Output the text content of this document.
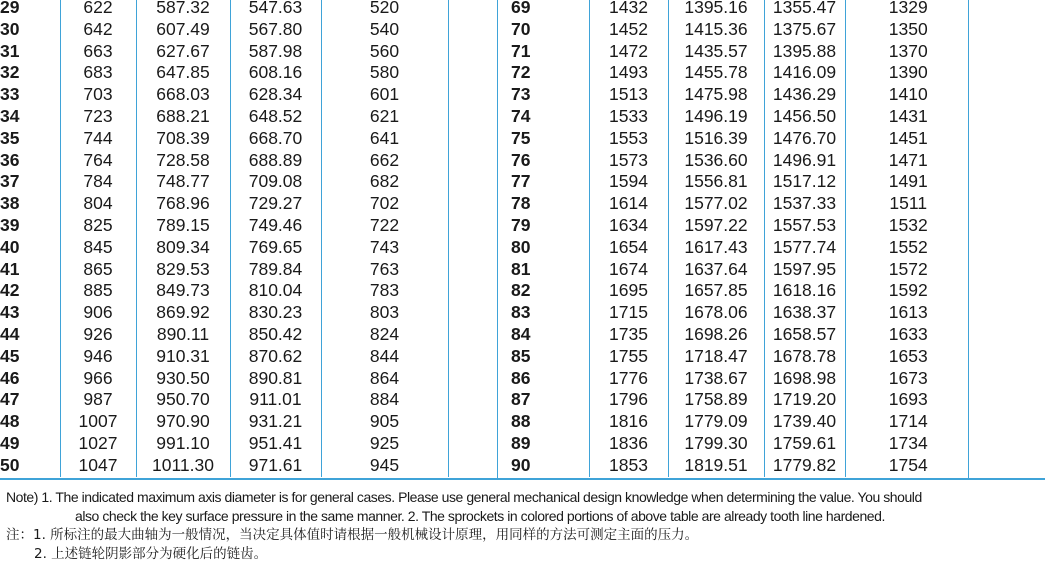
29	622	587.32	547.63	520	
30	642	607.49	567.80	540	
31	663	627.67	587.98	560	
32	683	647.85	608.16	580	
33	703	668.03	628.34	601	
34	723	688.21	648.52	621	
35	744	708.39	668.70	641	
36	764	728.58	688.89	662	
37	784	748.77	709.08	682	
38	804	768.96	729.27	702	
39	825	789.15	749.46	722	
40	845	809.34	769.65	743	
41	865	829.53	789.84	763	
42	885	849.73	810.04	783	
43	906	869.92	830.23	803	
44	926	890.11	850.42	824	
45	946	910.31	870.62	844	
46	966	930.50	890.81	864	
47	987	950.70	911.01	884	
48	1007	970.90	931.21	905	
49	1027	991.10	951.41	925	
50	1047	1011.30	971.61	945	
69	1432	1395.16	1355.47	1329
70	1452	1415.36	1375.67	1350
71	1472	1435.57	1395.88	1370
72	1493	1455.78	1416.09	1390
73	1513	1475.98	1436.29	1410
74	1533	1496.19	1456.50	1431
75	1553	1516.39	1476.70	1451
76	1573	1536.60	1496.91	1471
77	1594	1556.81	1517.12	1491
78	1614	1577.02	1537.33	1511
79	1634	1597.22	1557.53	1532
80	1654	1617.43	1577.74	1552
81	1674	1637.64	1597.95	1572
82	1695	1657.85	1618.16	1592
83	1715	1678.06	1638.37	1613
84	1735	1698.26	1658.57	1633
85	1755	1718.47	1678.78	1653
86	1776	1738.67	1698.98	1673
87	1796	1758.89	1719.20	1693
88	1816	1779.09	1739.40	1714
89	1836	1799.30	1759.61	1734
90	1853	1819.51	1779.82	1754

Note) 1. The indicated maximum axis diameter is for general cases. Please use general mechanical design knowledge when determining the value. You should

also check the key surface pressure in the same manner. 2. The sprockets in colored portions of above table are already tooth line hardened.

注：1. 所标注的最大曲轴为一般情况，当决定具体值时请根据一般机械设计原理，用同样的方法可测定主面的压力。

2. 上述链轮阴影部分为硬化后的链齿。
